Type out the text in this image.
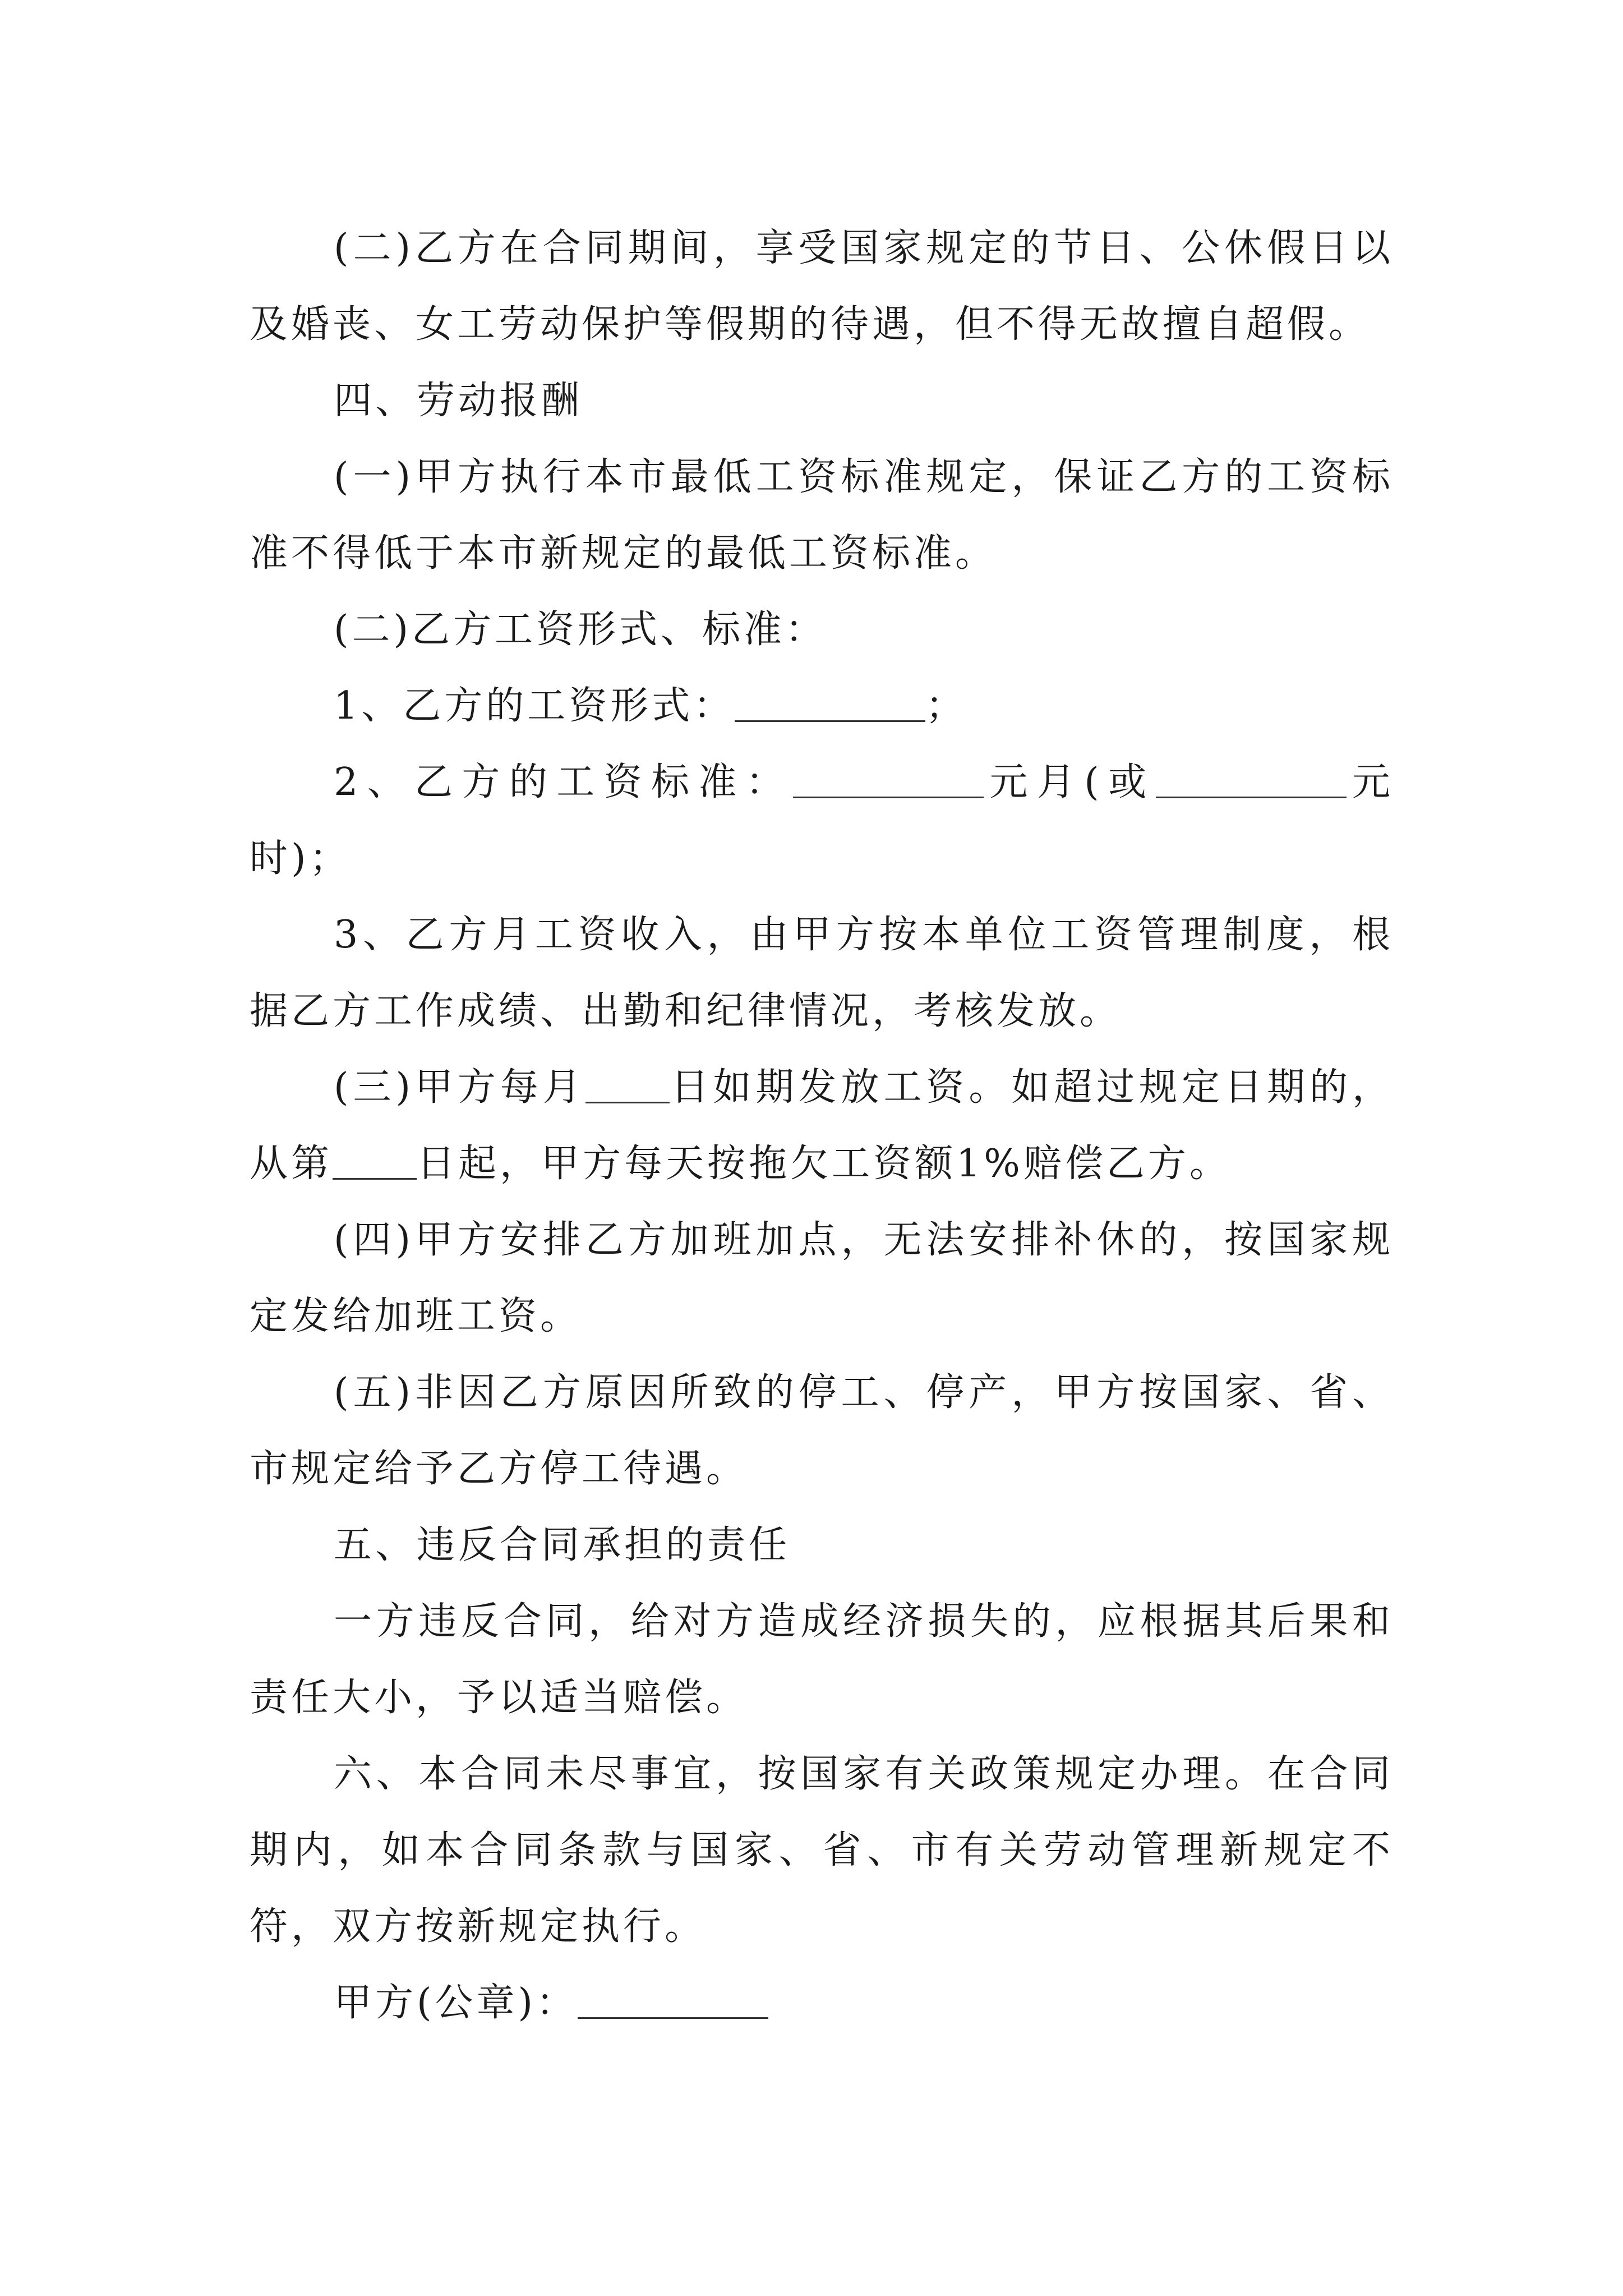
(二)乙方在合同期间，享受国家规定的节日、公休假日以及婚丧、女工劳动保护等假期的待遇，但不得无故擅自超假。

四、劳动报酬

(一)甲方执行本市最低工资标准规定，保证乙方的工资标准不得低于本市新规定的最低工资标准。

(二)乙方工资形式、标准：

1、乙方的工资形式：	；

2、乙方的工资标准：	元月(或	元时)；

3、乙方月工资收入，由甲方按本单位工资管理制度，根据乙方工作成绩、出勤和纪律情况，考核发放。

(三)甲方每月 日如期发放工资。如超过规定日期的，从第 日起，甲方每天按拖欠工资额1%赔偿乙方。

(四)甲方安排乙方加班加点，无法安排补休的，按国家规定发给加班工资。

(五)非因乙方原因所致的停工、停产，甲方按国家、省、市规定给予乙方停工待遇。

五、违反合同承担的责任

一方违反合同，给对方造成经济损失的，应根据其后果和责任大小，予以适当赔偿。

六、本合同未尽事宜，按国家有关政策规定办理。在合同期内，如本合同条款与国家、省、市有关劳动管理新规定不符，双方按新规定执行。

甲方(公章)：
